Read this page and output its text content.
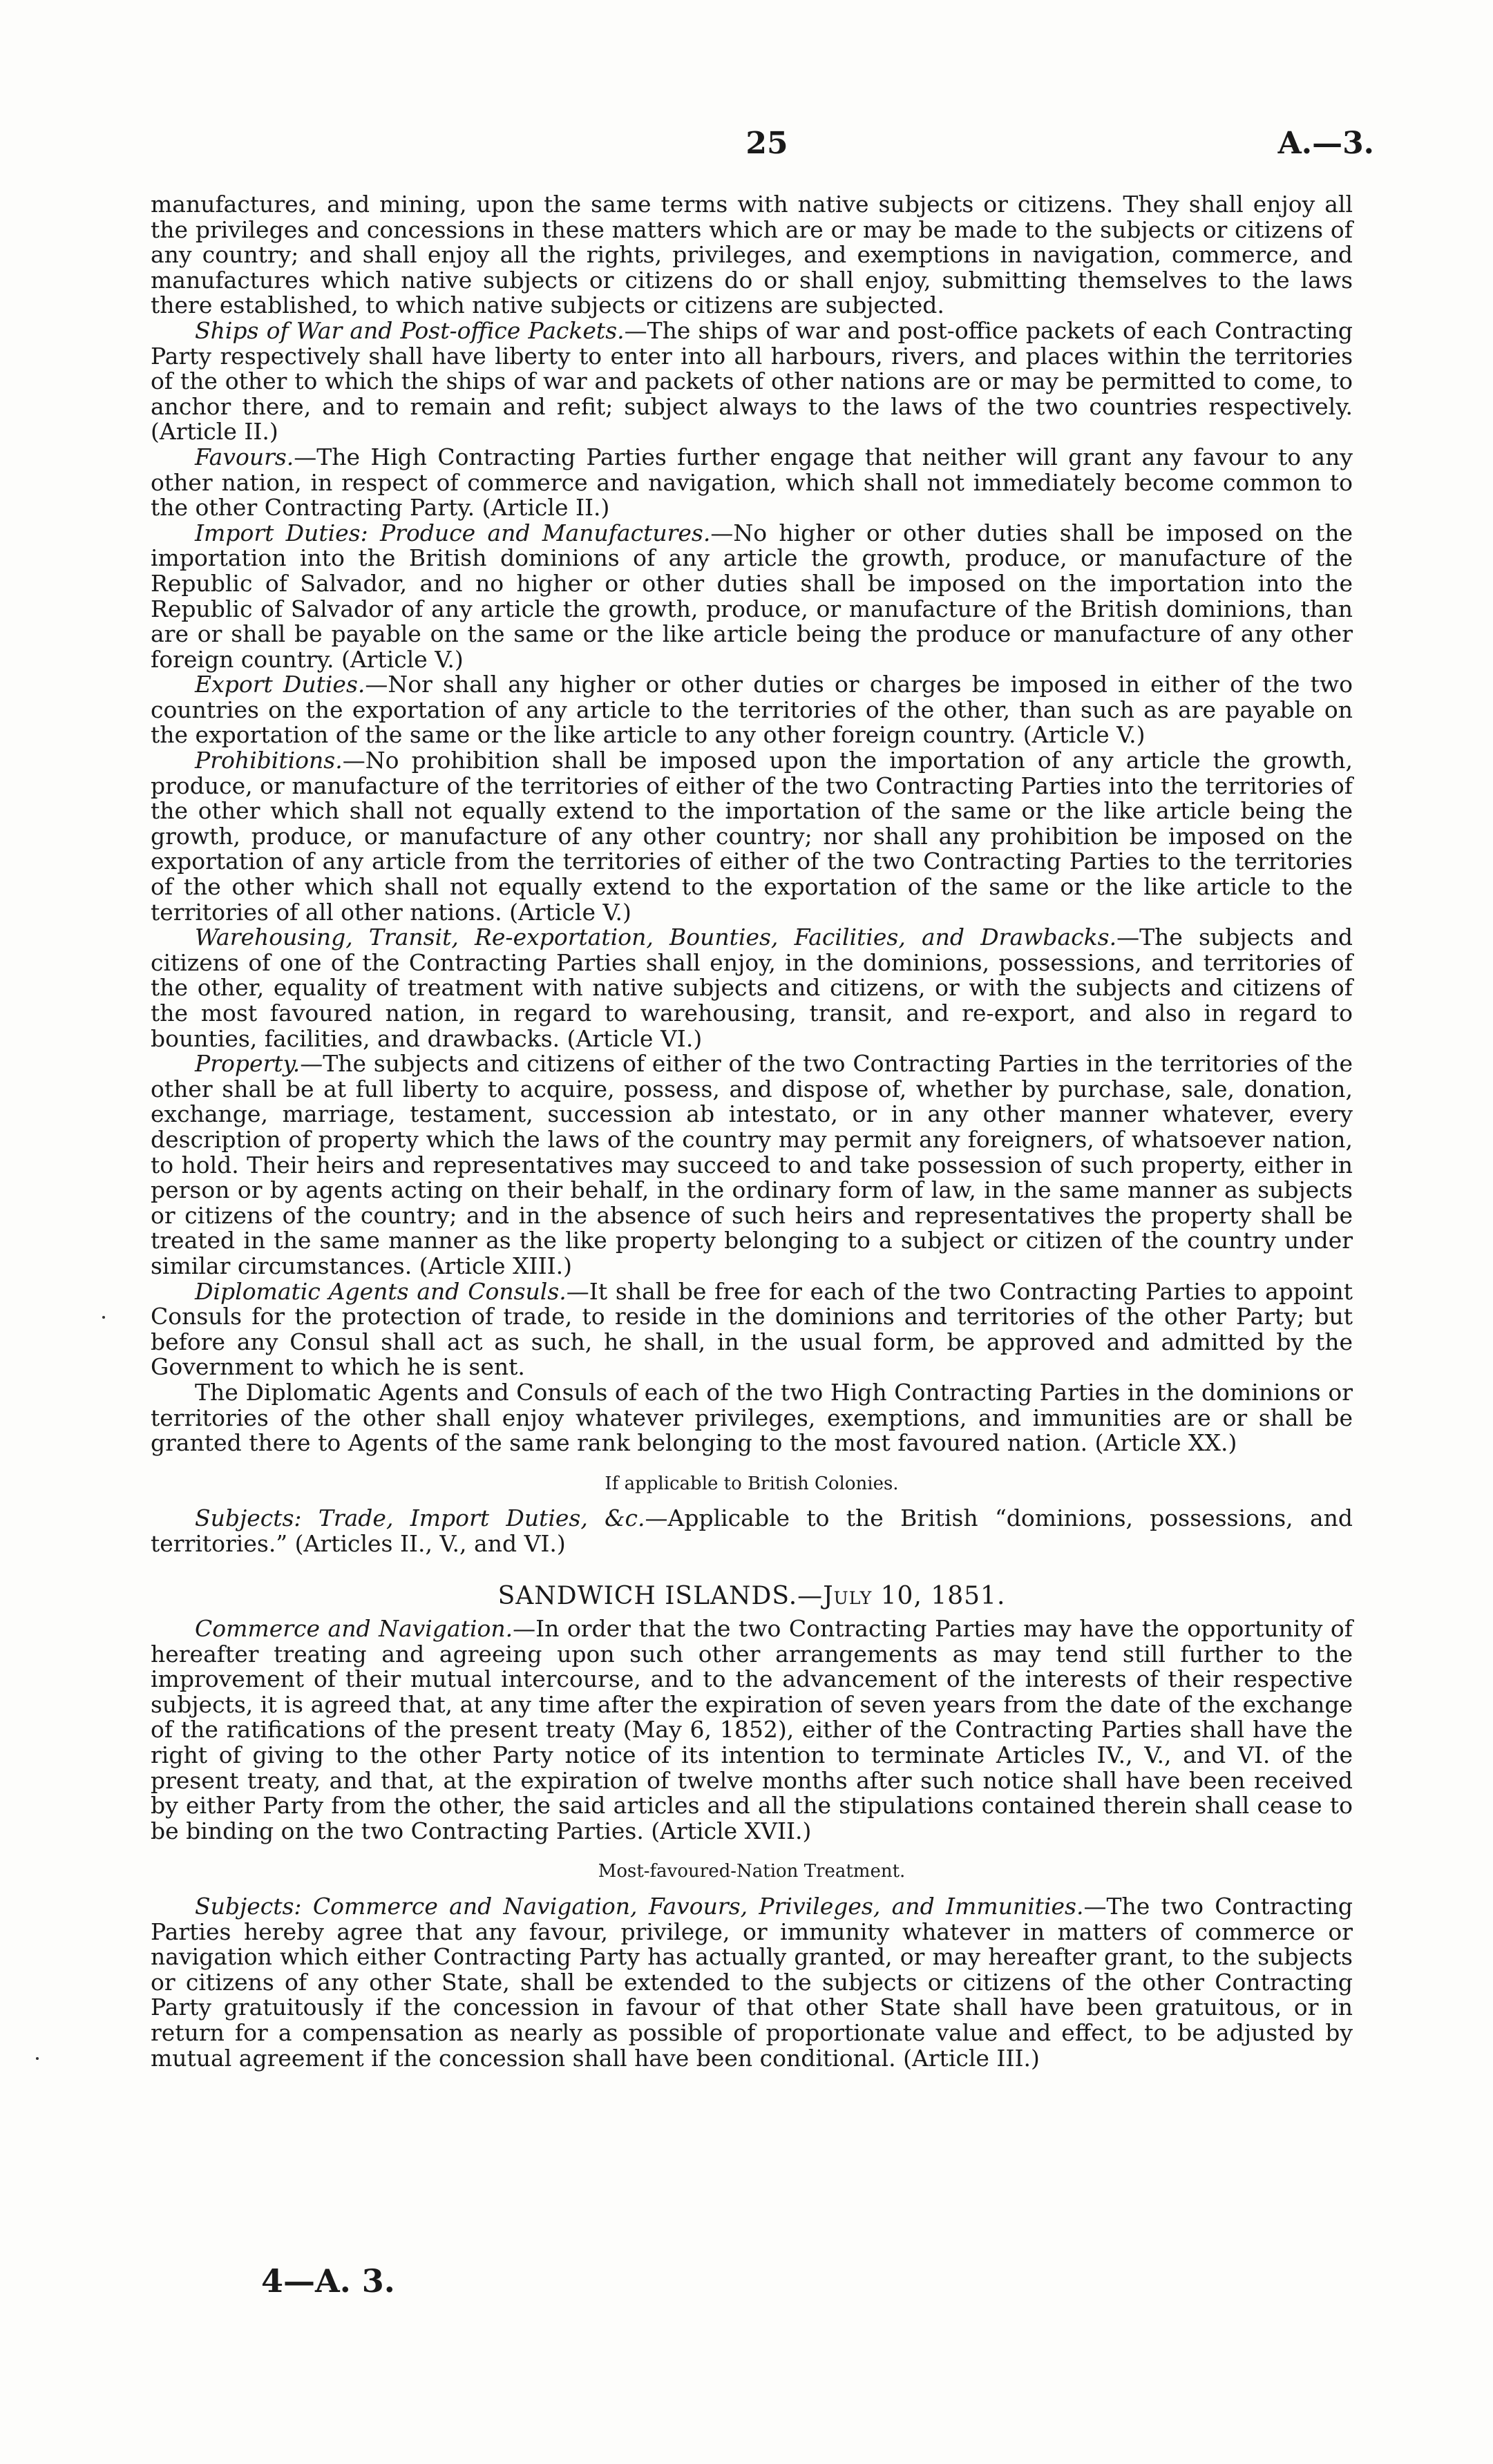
25	A.—3.

manufactures, and mining, upon the same terms with native subjects or citizens. They shall enjoy all the privileges and concessions in these matters which are or may be made to the subjects or citizens of any country; and shall enjoy all the rights, privileges, and exemptions in navigation, commerce, and manufactures which native subjects or citizens do or shall enjoy, submitting themselves to the laws there established, to which native subjects or citizens are subjected.

Ships of War and Post-office Packets.—The ships of war and post-office packets of each Contracting Party respectively shall have liberty to enter into all harbours, rivers, and places within the territories of the other to which the ships of war and packets of other nations are or may be permitted to come, to anchor there, and to remain and refit; subject always to the laws of the two countries respectively. (Article II.)

Favours.—The High Contracting Parties further engage that neither will grant any favour to any other nation, in respect of commerce and navigation, which shall not immediately become common to the other Contracting Party. (Article II.)

Import Duties: Produce and Manufactures.—No higher or other duties shall be imposed on the importation into the British dominions of any article the growth, produce, or manufacture of the Republic of Salvador, and no higher or other duties shall be imposed on the importation into the Republic of Salvador of any article the growth, produce, or manufacture of the British dominions, than are or shall be payable on the same or the like article being the produce or manufacture of any other foreign country. (Article V.)

Export Duties.—Nor shall any higher or other duties or charges be imposed in either of the two countries on the exportation of any article to the territories of the other, than such as are payable on the exportation of the same or the like article to any other foreign country. (Article V.)

Prohibitions.—No prohibition shall be imposed upon the importation of any article the growth, produce, or manufacture of the territories of either of the two Contracting Parties into the territories of the other which shall not equally extend to the importation of the same or the like article being the growth, produce, or manufacture of any other country; nor shall any prohibition be imposed on the exportation of any article from the territories of either of the two Contracting Parties to the territories of the other which shall not equally extend to the exportation of the same or the like article to the territories of all other nations. (Article V.)

Warehousing, Transit, Re-exportation, Bounties, Facilities, and Drawbacks.—The subjects and citizens of one of the Contracting Parties shall enjoy, in the dominions, possessions, and territories of the other, equality of treatment with native subjects and citizens, or with the subjects and citizens of the most favoured nation, in regard to warehousing, transit, and re-export, and also in regard to bounties, facilities, and drawbacks. (Article VI.)

Property.—The subjects and citizens of either of the two Contracting Parties in the territories of the other shall be at full liberty to acquire, possess, and dispose of, whether by purchase, sale, donation, exchange, marriage, testament, succession ab intestato, or in any other manner whatever, every description of property which the laws of the country may permit any foreigners, of whatsoever nation, to hold. Their heirs and representatives may succeed to and take possession of such property, either in person or by agents acting on their behalf, in the ordinary form of law, in the same manner as subjects or citizens of the country; and in the absence of such heirs and representatives the property shall be treated in the same manner as the like property belonging to a subject or citizen of the country under similar circumstances. (Article XIII.)

Diplomatic Agents and Consuls.—It shall be free for each of the two Contracting Parties to appoint Consuls for the protection of trade, to reside in the dominions and territories of the other Party; but before any Consul shall act as such, he shall, in the usual form, be approved and admitted by the Government to which he is sent.

The Diplomatic Agents and Consuls of each of the two High Contracting Parties in the dominions or territories of the other shall enjoy whatever privileges, exemptions, and immunities are or shall be granted there to Agents of the same rank belonging to the most favoured nation. (Article XX.)

If applicable to British Colonies.

Subjects: Trade, Import Duties, &c.—Applicable to the British “dominions, possessions, and territories.” (Articles II., V., and VI.)

SANDWICH ISLANDS.—July 10, 1851.

Commerce and Navigation.—In order that the two Contracting Parties may have the opportunity of hereafter treating and agreeing upon such other arrangements as may tend still further to the improvement of their mutual intercourse, and to the advancement of the interests of their respective subjects, it is agreed that, at any time after the expiration of seven years from the date of the exchange of the ratifications of the present treaty (May 6, 1852), either of the Contracting Parties shall have the right of giving to the other Party notice of its intention to terminate Articles IV., V., and VI. of the present treaty, and that, at the expiration of twelve months after such notice shall have been received by either Party from the other, the said articles and all the stipulations contained therein shall cease to be binding on the two Contracting Parties. (Article XVII.)

Most-favoured-Nation Treatment.

Subjects: Commerce and Navigation, Favours, Privileges, and Immunities.—The two Contracting Parties hereby agree that any favour, privilege, or immunity whatever in matters of commerce or navigation which either Contracting Party has actually granted, or may hereafter grant, to the subjects or citizens of any other State, shall be extended to the subjects or citizens of the other Contracting Party gratuitously if the concession in favour of that other State shall have been gratuitous, or in return for a compensation as nearly as possible of proportionate value and effect, to be adjusted by mutual agreement if the concession shall have been conditional. (Article III.)

4—A. 3.
